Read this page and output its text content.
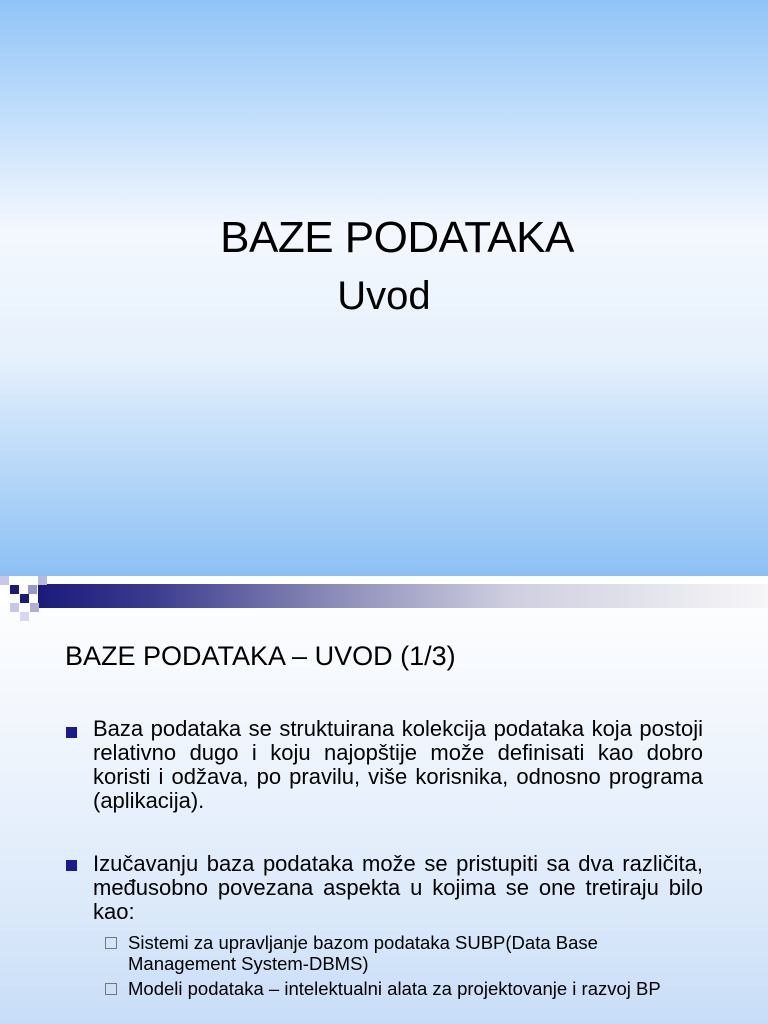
BAZE PODATAKA
Uvod
BAZE PODATAKA – UVOD (1/3)
Baza podataka se struktuirana kolekcija podataka koja postoji relativno dugo i koju najopštije može definisati kao dobro koristi i odžava, po pravilu, više korisnika, odnosno programa (aplikacija).
Izučavanju baza podataka može se pristupiti sa dva različita, međusobno povezana aspekta u kojima se one tretiraju bilo kao:
Sistemi za upravljanje bazom podataka SUBP(Data Base Management System-DBMS)
Modeli podataka – intelektualni alata za projektovanje i razvoj BP
